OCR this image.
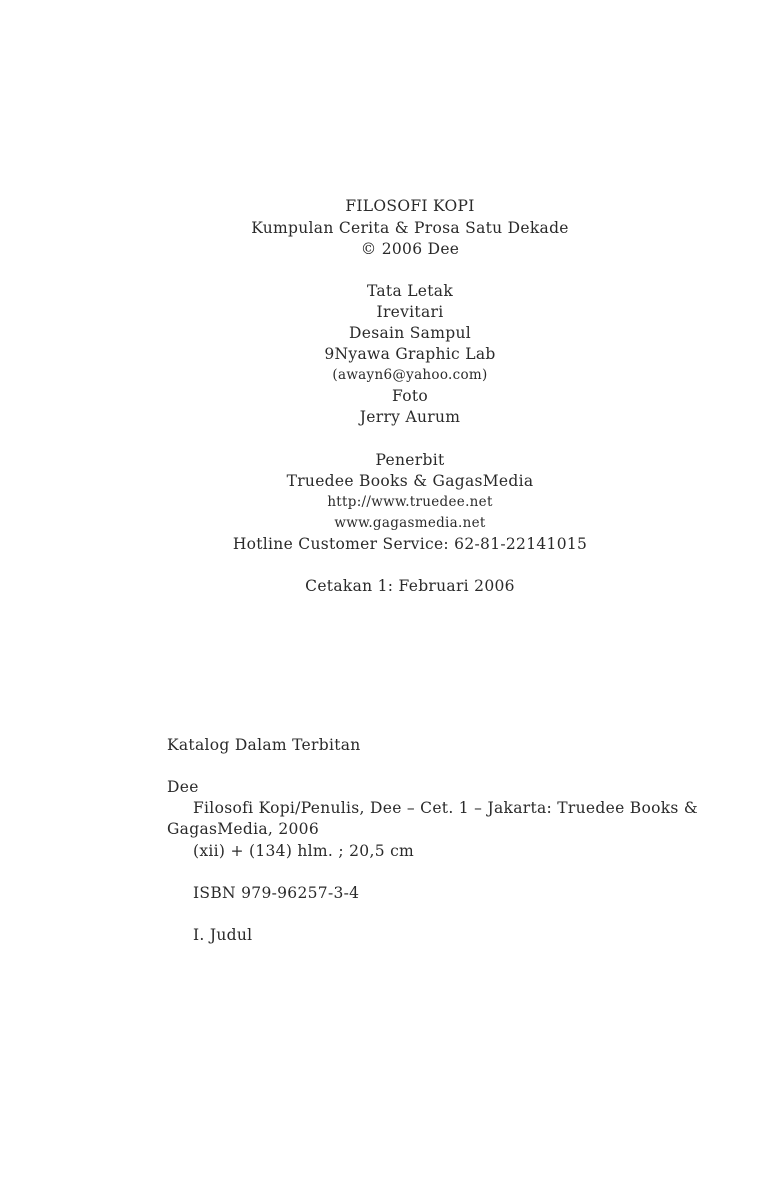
FILOSOFI KOPI
Kumpulan Cerita & Prosa Satu Dekade
© 2006 Dee
Tata Letak
Irevitari
Desain Sampul
9Nyawa Graphic Lab
(awayn6@yahoo.com)
Foto
Jerry Aurum
Penerbit
Truedee Books & GagasMedia
http://www.truedee.net
www.gagasmedia.net
Hotline Customer Service: 62-81-22141015
Cetakan 1: Februari 2006
Katalog Dalam Terbitan
Dee
Filosofi Kopi/Penulis, Dee – Cet. 1 – Jakarta: Truedee Books &
GagasMedia, 2006
(xii) + (134) hlm. ; 20,5 cm
ISBN 979-96257-3-4
I. Judul
